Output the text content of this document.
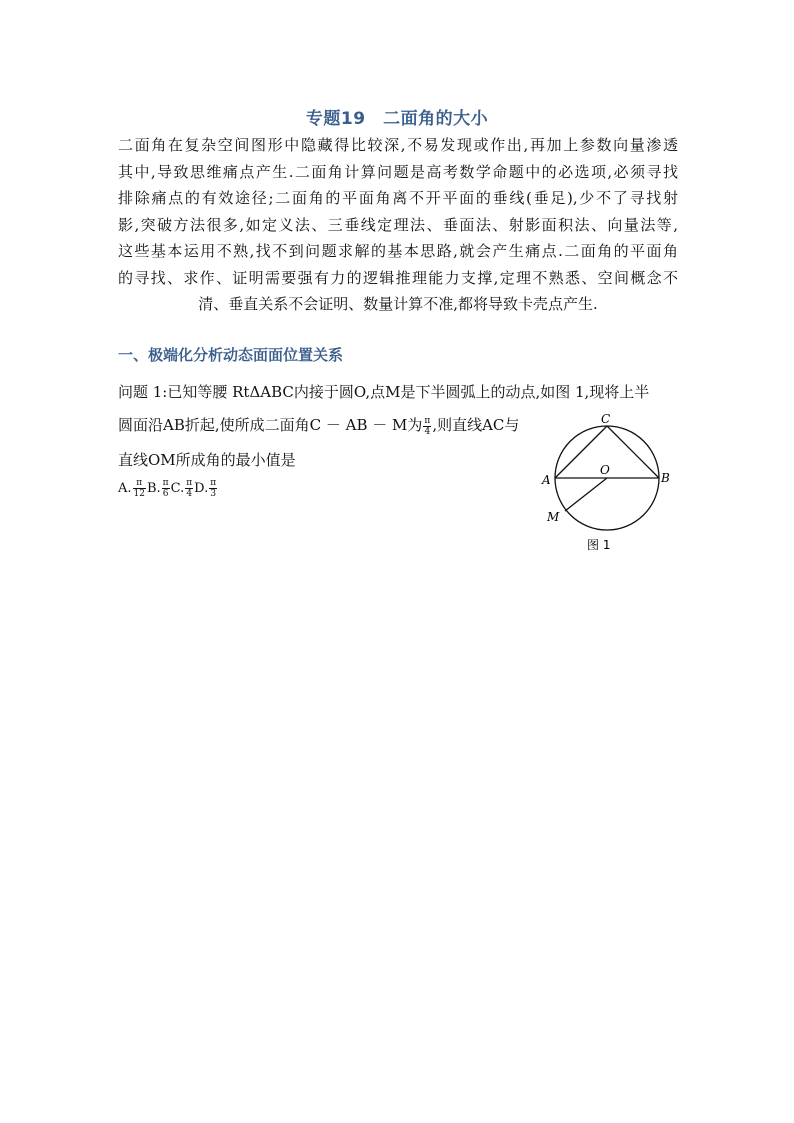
专题19　二面角的大小
二面角在复杂空间图形中隐藏得比较深,不易发现或作出,再加上参数向量渗透
其中,导致思维痛点产生.二面角计算问题是高考数学命题中的必选项,必须寻找
排除痛点的有效途径;二面角的平面角离不开平面的垂线(垂足),少不了寻找射
影,突破方法很多,如定义法、三垂线定理法、垂面法、射影面积法、向量法等,
这些基本运用不熟,找不到问题求解的基本思路,就会产生痛点.二面角的平面角
的寻找、求作、证明需要强有力的逻辑推理能力支撑,定理不熟悉、空间概念不
清、垂直关系不会证明、数量计算不准,都将导致卡壳点产生.
一、极端化分析动态面面位置关系
问题 1:已知等腰 RtΔABC内接于圆O,点M是下半圆弧上的动点,如图 1,现将上半
圆面沿AB折起,使所成二面角C － AB － M为 $\frac{\pi}{4}$ ,则直线AC与
直线OM所成角的最小值是
A. $\frac{\pi}{12} B$. $\frac{\pi}{6} C$. $\frac{\pi}{4} D$. $\frac{\pi}{3}$
C
A	B
O
M
图 1
